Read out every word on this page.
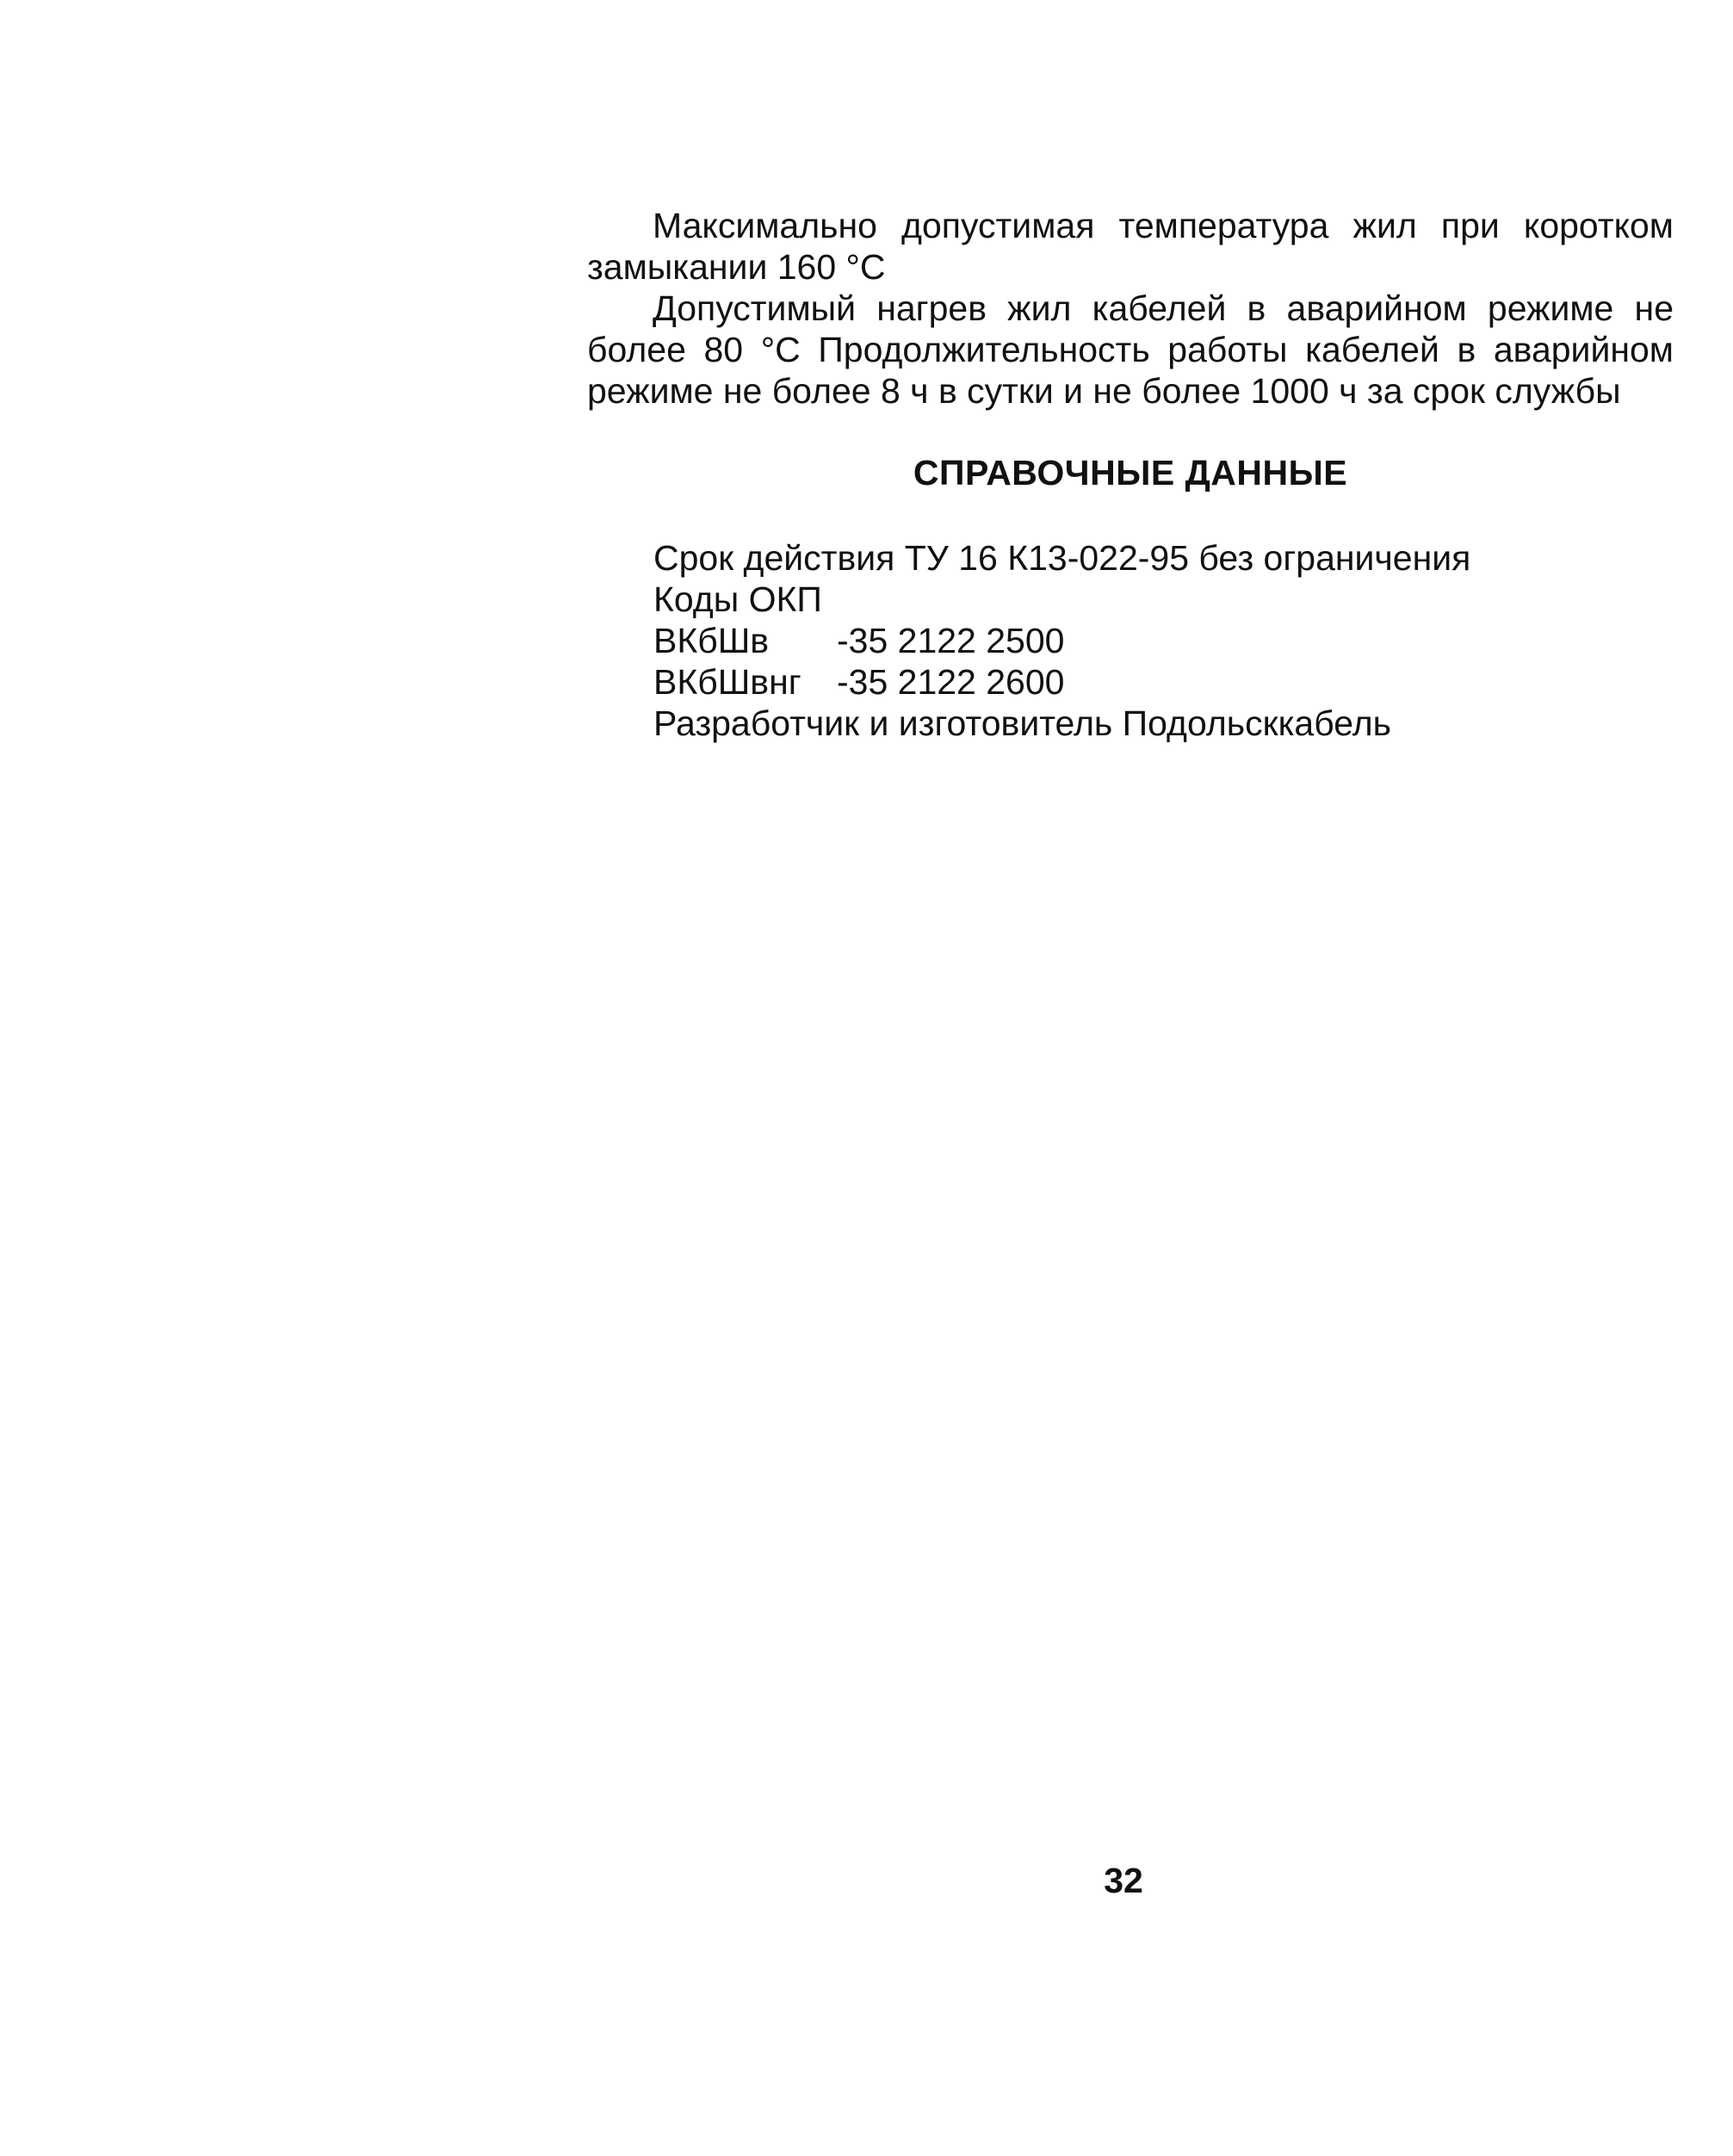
Максимально допустимая температура жил при коротком замыкании 160 °С

Допустимый нагрев жил кабелей в аварийном режиме не более 80 °С Продолжительность работы кабелей в аварийном режиме не более 8 ч в сутки и не более 1000 ч за срок службы

СПРАВОЧНЫЕ ДАННЫЕ
Срок действия ТУ 16 К13-022-95 без ограничения
Коды ОКП
ВКбШв -35 2122 2500
ВКбШвнг -35 2122 2600
Разработчик и изготовитель Подольсккабель
32
